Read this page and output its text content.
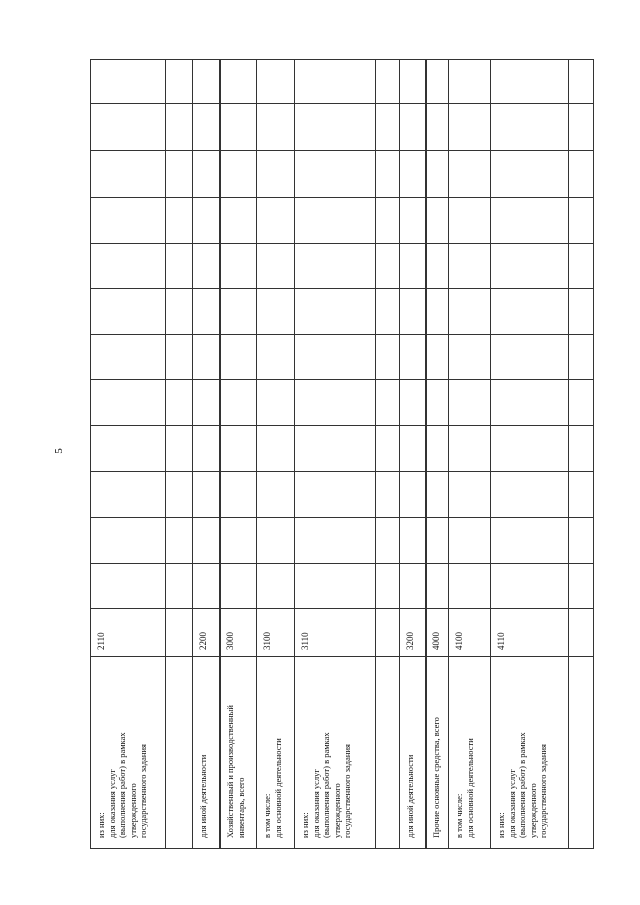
5
из них: для оказания услуг (выполнения работ) в рамках утвержденного государственного задания
2110
для иной деятельности
2200
Хозяйственный и производственный инвентарь, всего
3000
в том числе: для основной деятельности
3100
из них: для оказания услуг (выполнения работ) в рамках утвержденного государственного задания
3110
для иной деятельности
3200
Прочие основные средства, всего
4000
в том числе: для основной деятельности
4100
из них: для оказания услуг (выполнения работ) в рамках утвержденного государственного задания
4110
